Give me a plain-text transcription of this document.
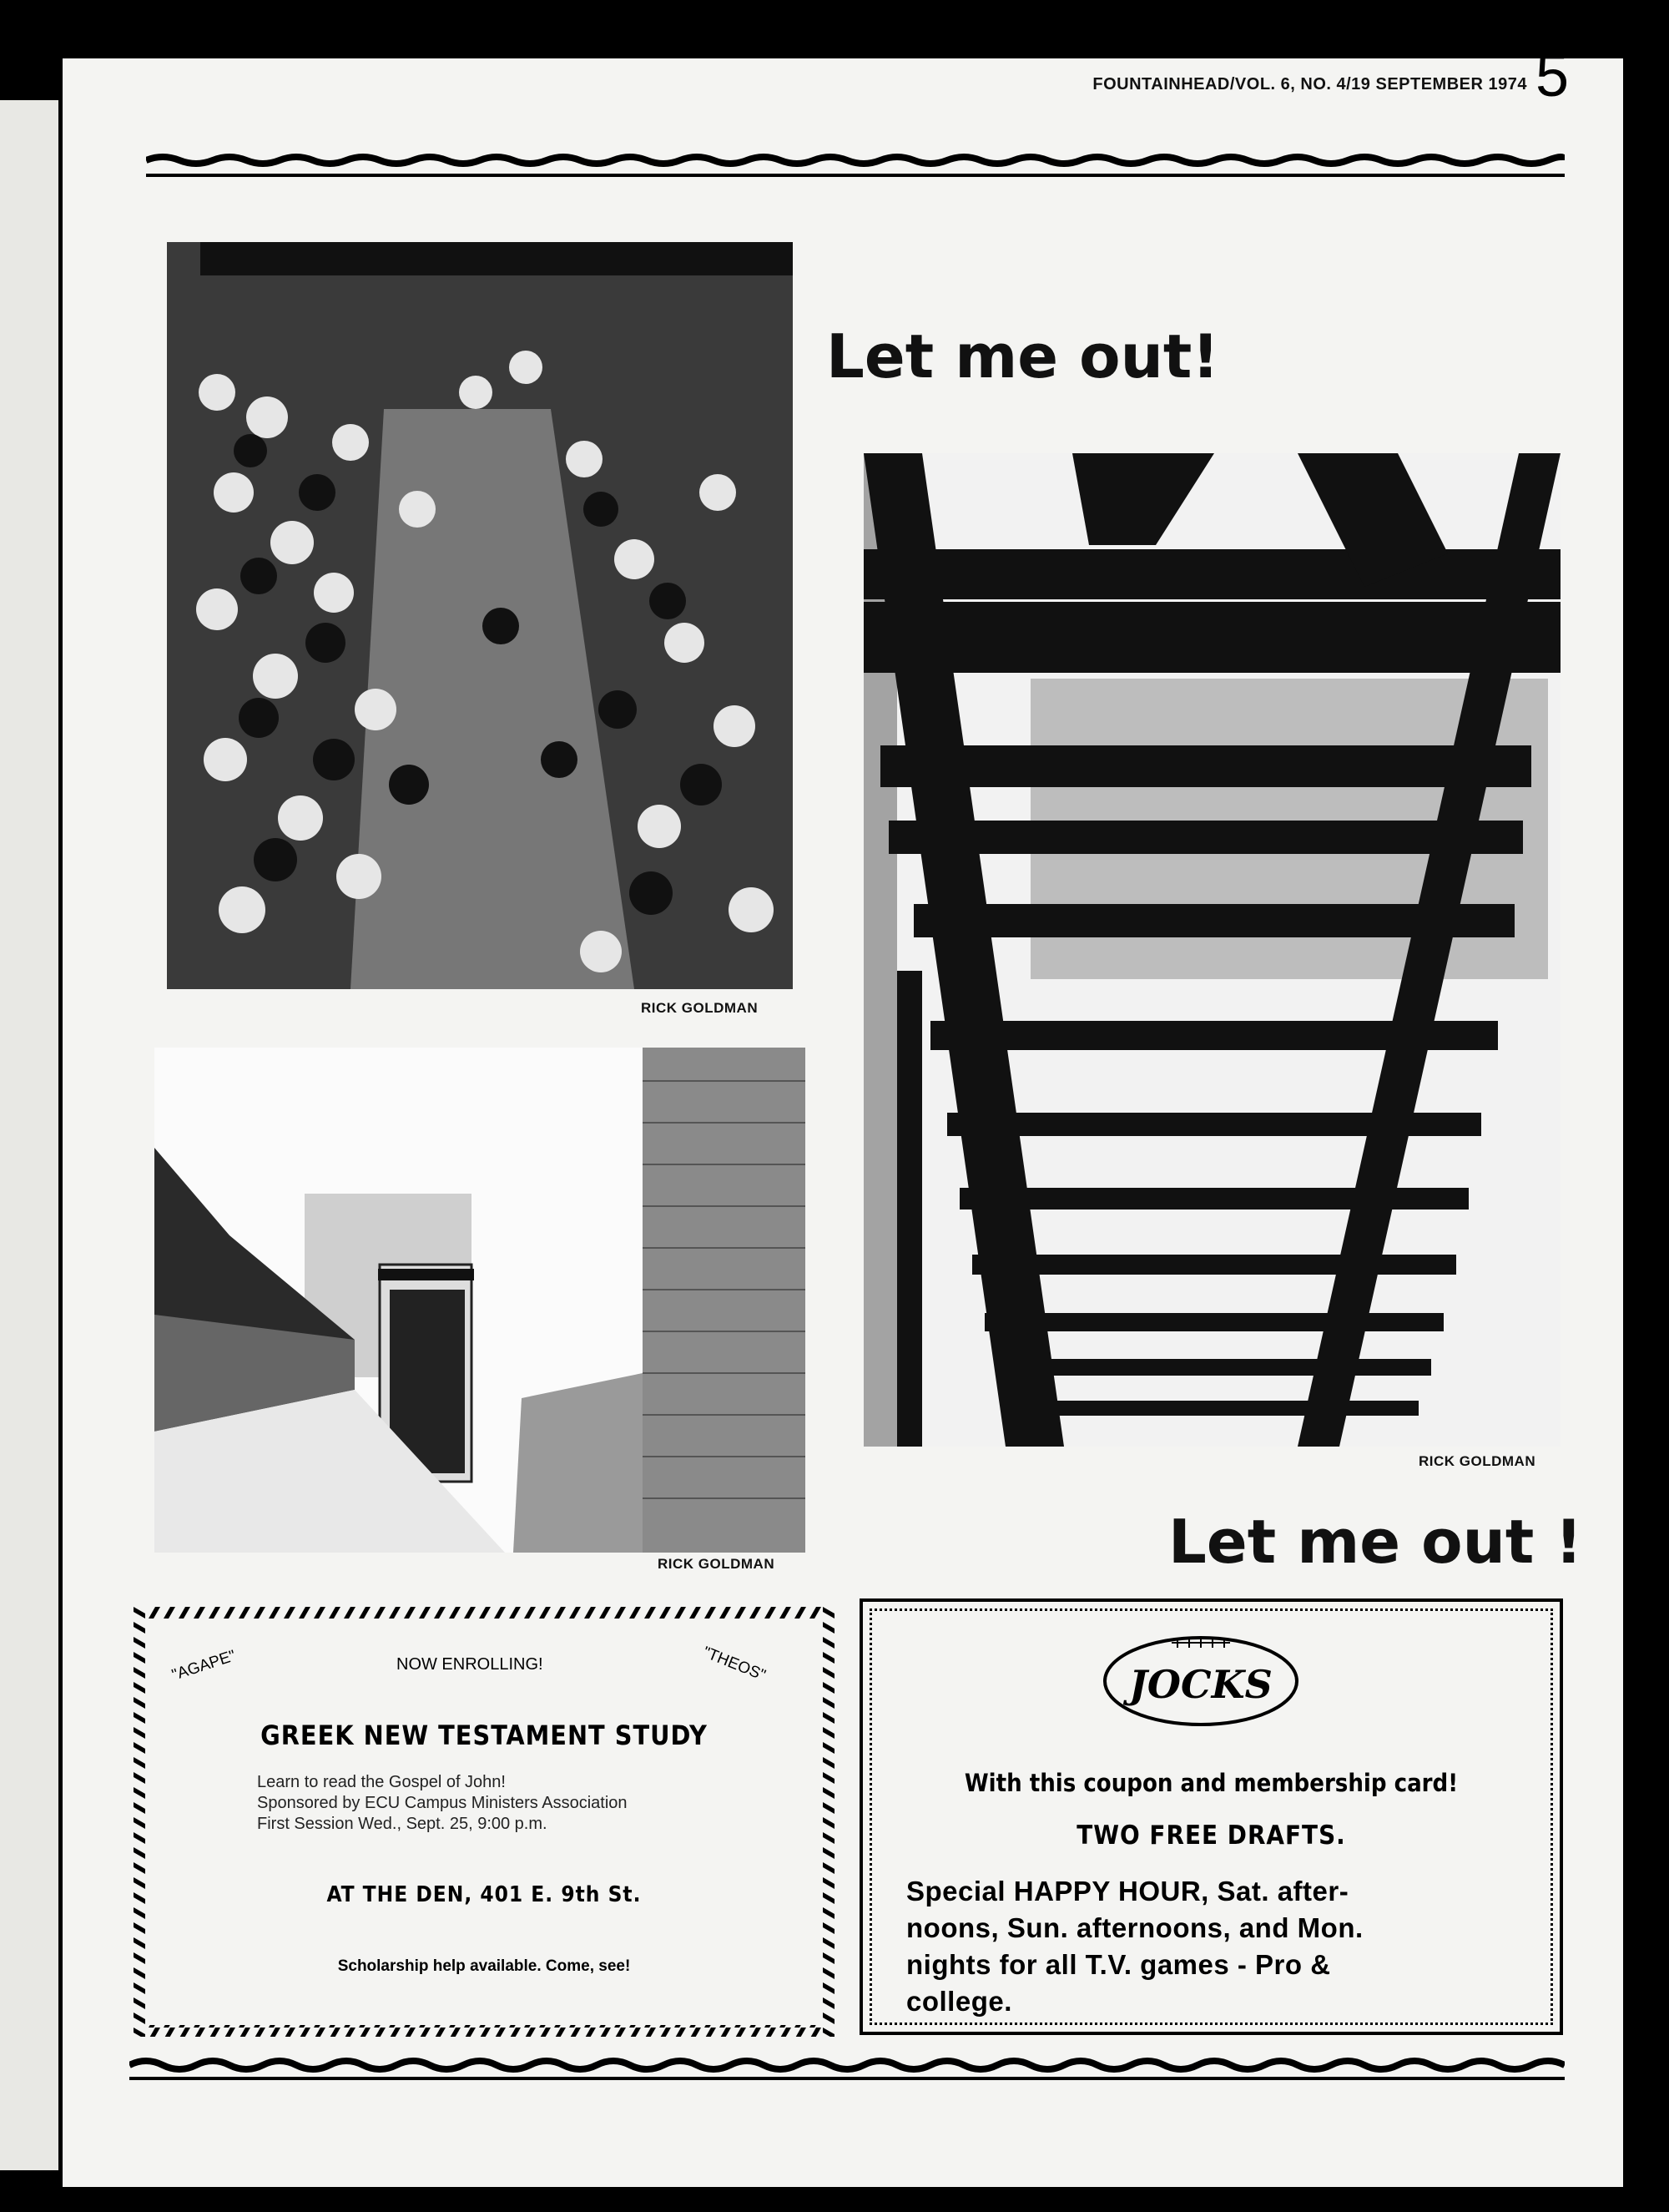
FOUNTAINHEAD/VOL. 6, NO. 4/19 SEPTEMBER 1974 5
RICK GOLDMAN
RICK GOLDMAN
Let me out!
RICK GOLDMAN
Let me out !
"AGAPE"	NOW ENROLLING!	"THEOS"
GREEK NEW TESTAMENT STUDY
Learn to read the Gospel of John!
Sponsored by ECU Campus Ministers Association
First Session Wed., Sept. 25, 9:00 p.m.
AT THE DEN, 401 E. 9th St.
Scholarship help available. Come, see!
JOCKS
With this coupon and membership card!
TWO FREE DRAFTS.
Special HAPPY HOUR, Sat. after-
noons, Sun. afternoons, and Mon.
nights for all T.V. games - Pro &
college.
